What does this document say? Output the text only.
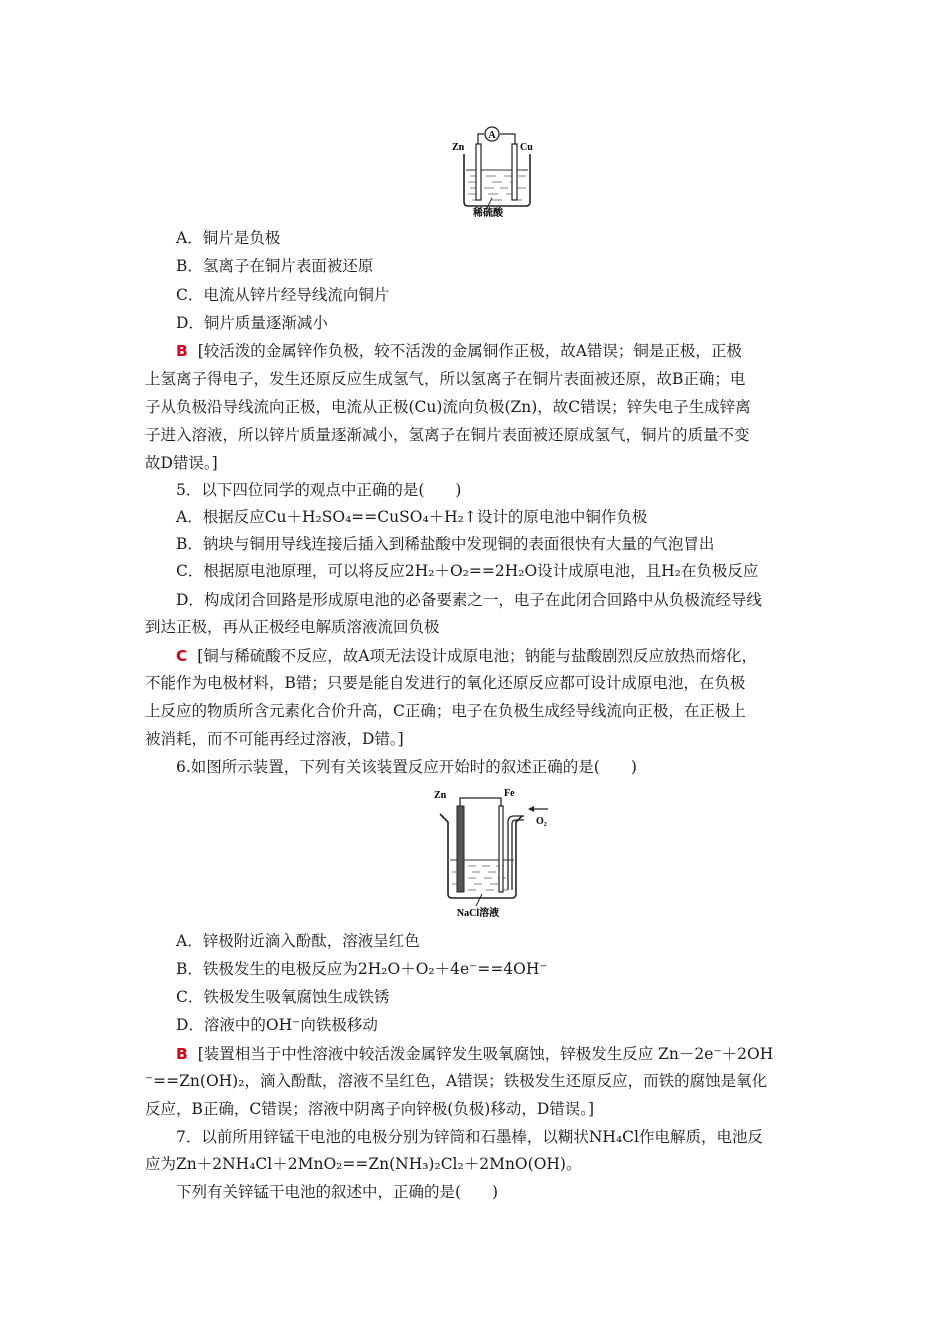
A
Zn	Cu
稀硫酸
A．铜片是负极
B．氢离子在铜片表面被还原
C．电流从锌片经导线流向铜片
D．铜片质量逐渐减小
B [较活泼的金属锌作负极，较不活泼的金属铜作正极，故A错误；铜是正极，正极
上氢离子得电子，发生还原反应生成氢气，所以氢离子在铜片表面被还原，故B正确；电
子从负极沿导线流向正极，电流从正极(Cu)流向负极(Zn)，故C错误；锌失电子生成锌离
子进入溶液，所以锌片质量逐渐减小，氢离子在铜片表面被还原成氢气，铜片的质量不变
故D错误。]
5．以下四位同学的观点中正确的是(　　)
A．根据反应Cu＋H₂SO₄==CuSO₄＋H₂↑设计的原电池中铜作负极
B．钠块与铜用导线连接后插入到稀盐酸中发现铜的表面很快有大量的气泡冒出
C．根据原电池原理，可以将反应2H₂＋O₂==2H₂O设计成原电池，且H₂在负极反应
D．构成闭合回路是形成原电池的必备要素之一，电子在此闭合回路中从负极流经导线
到达正极，再从正极经电解质溶液流回负极
C [铜与稀硫酸不反应，故A项无法设计成原电池；钠能与盐酸剧烈反应放热而熔化，
不能作为电极材料，B错；只要是能自发进行的氧化还原反应都可设计成原电池，在负极
上反应的物质所含元素化合价升高，C正确；电子在负极生成经导线流向正极，在正极上
被消耗，而不可能再经过溶液，D错。]
6.如图所示装置，下列有关该装置反应开始时的叙述正确的是(　　)
Zn	Fe
O₂
NaCl溶液
A．锌极附近滴入酚酞，溶液呈红色
B．铁极发生的电极反应为2H₂O＋O₂＋4e⁻==4OH⁻
C．铁极发生吸氧腐蚀生成铁锈
D．溶液中的OH⁻向铁极移动
B [装置相当于中性溶液中较活泼金属锌发生吸氧腐蚀，锌极发生反应 Zn－2e⁻＋2OH
⁻==Zn(OH)₂，滴入酚酞，溶液不呈红色，A错误；铁极发生还原反应，而铁的腐蚀是氧化
反应，B正确，C错误；溶液中阴离子向锌极(负极)移动，D错误。]
7．以前所用锌锰干电池的电极分别为锌筒和石墨棒，以糊状NH₄Cl作电解质，电池反
应为Zn＋2NH₄Cl＋2MnO₂==Zn(NH₃)₂Cl₂＋2MnO(OH)。
下列有关锌锰干电池的叙述中，正确的是(　　)
